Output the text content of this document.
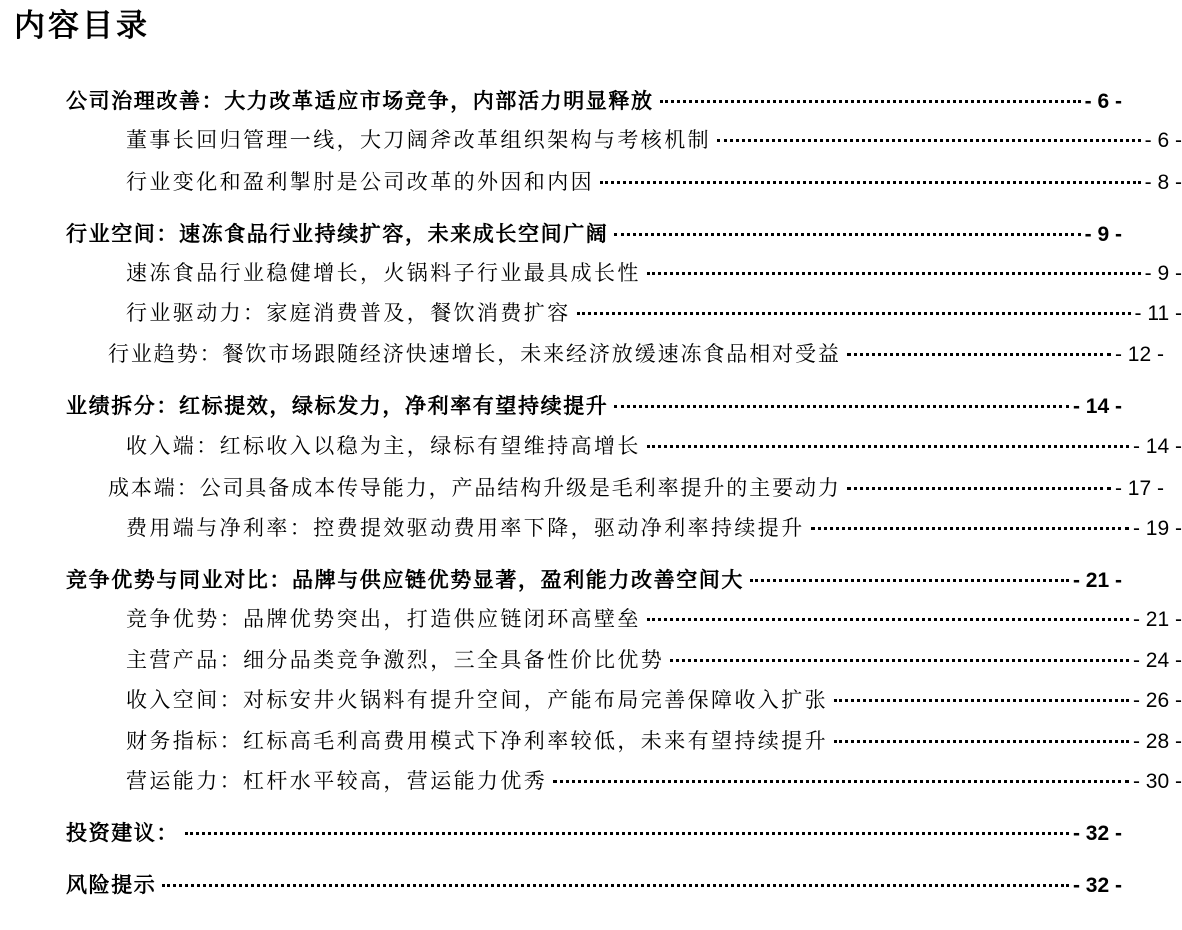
内容目录
公司治理改善：大力改革适应市场竞争，内部活力明显释放	- 6 -
董事长回归管理一线，大刀阔斧改革组织架构与考核机制	- 6 -
行业变化和盈利掣肘是公司改革的外因和内因	- 8 -
行业空间：速冻食品行业持续扩容，未来成长空间广阔	- 9 -
速冻食品行业稳健增长，火锅料子行业最具成长性	- 9 -
行业驱动力：家庭消费普及，餐饮消费扩容	- 11 -
行业趋势：餐饮市场跟随经济快速增长，未来经济放缓速冻食品相对受益	- 12 -
业绩拆分：红标提效，绿标发力，净利率有望持续提升	- 14 -
收入端：红标收入以稳为主，绿标有望维持高增长	- 14 -
成本端：公司具备成本传导能力，产品结构升级是毛利率提升的主要动力	- 17 -
费用端与净利率：控费提效驱动费用率下降，驱动净利率持续提升	- 19 -
竞争优势与同业对比：品牌与供应链优势显著，盈利能力改善空间大	- 21 -
竞争优势：品牌优势突出，打造供应链闭环高壁垒	- 21 -
主营产品：细分品类竞争激烈，三全具备性价比优势	- 24 -
收入空间：对标安井火锅料有提升空间，产能布局完善保障收入扩张	- 26 -
财务指标：红标高毛利高费用模式下净利率较低，未来有望持续提升	- 28 -
营运能力：杠杆水平较高，营运能力优秀	- 30 -
投资建议：	- 32 -
风险提示	- 32 -
